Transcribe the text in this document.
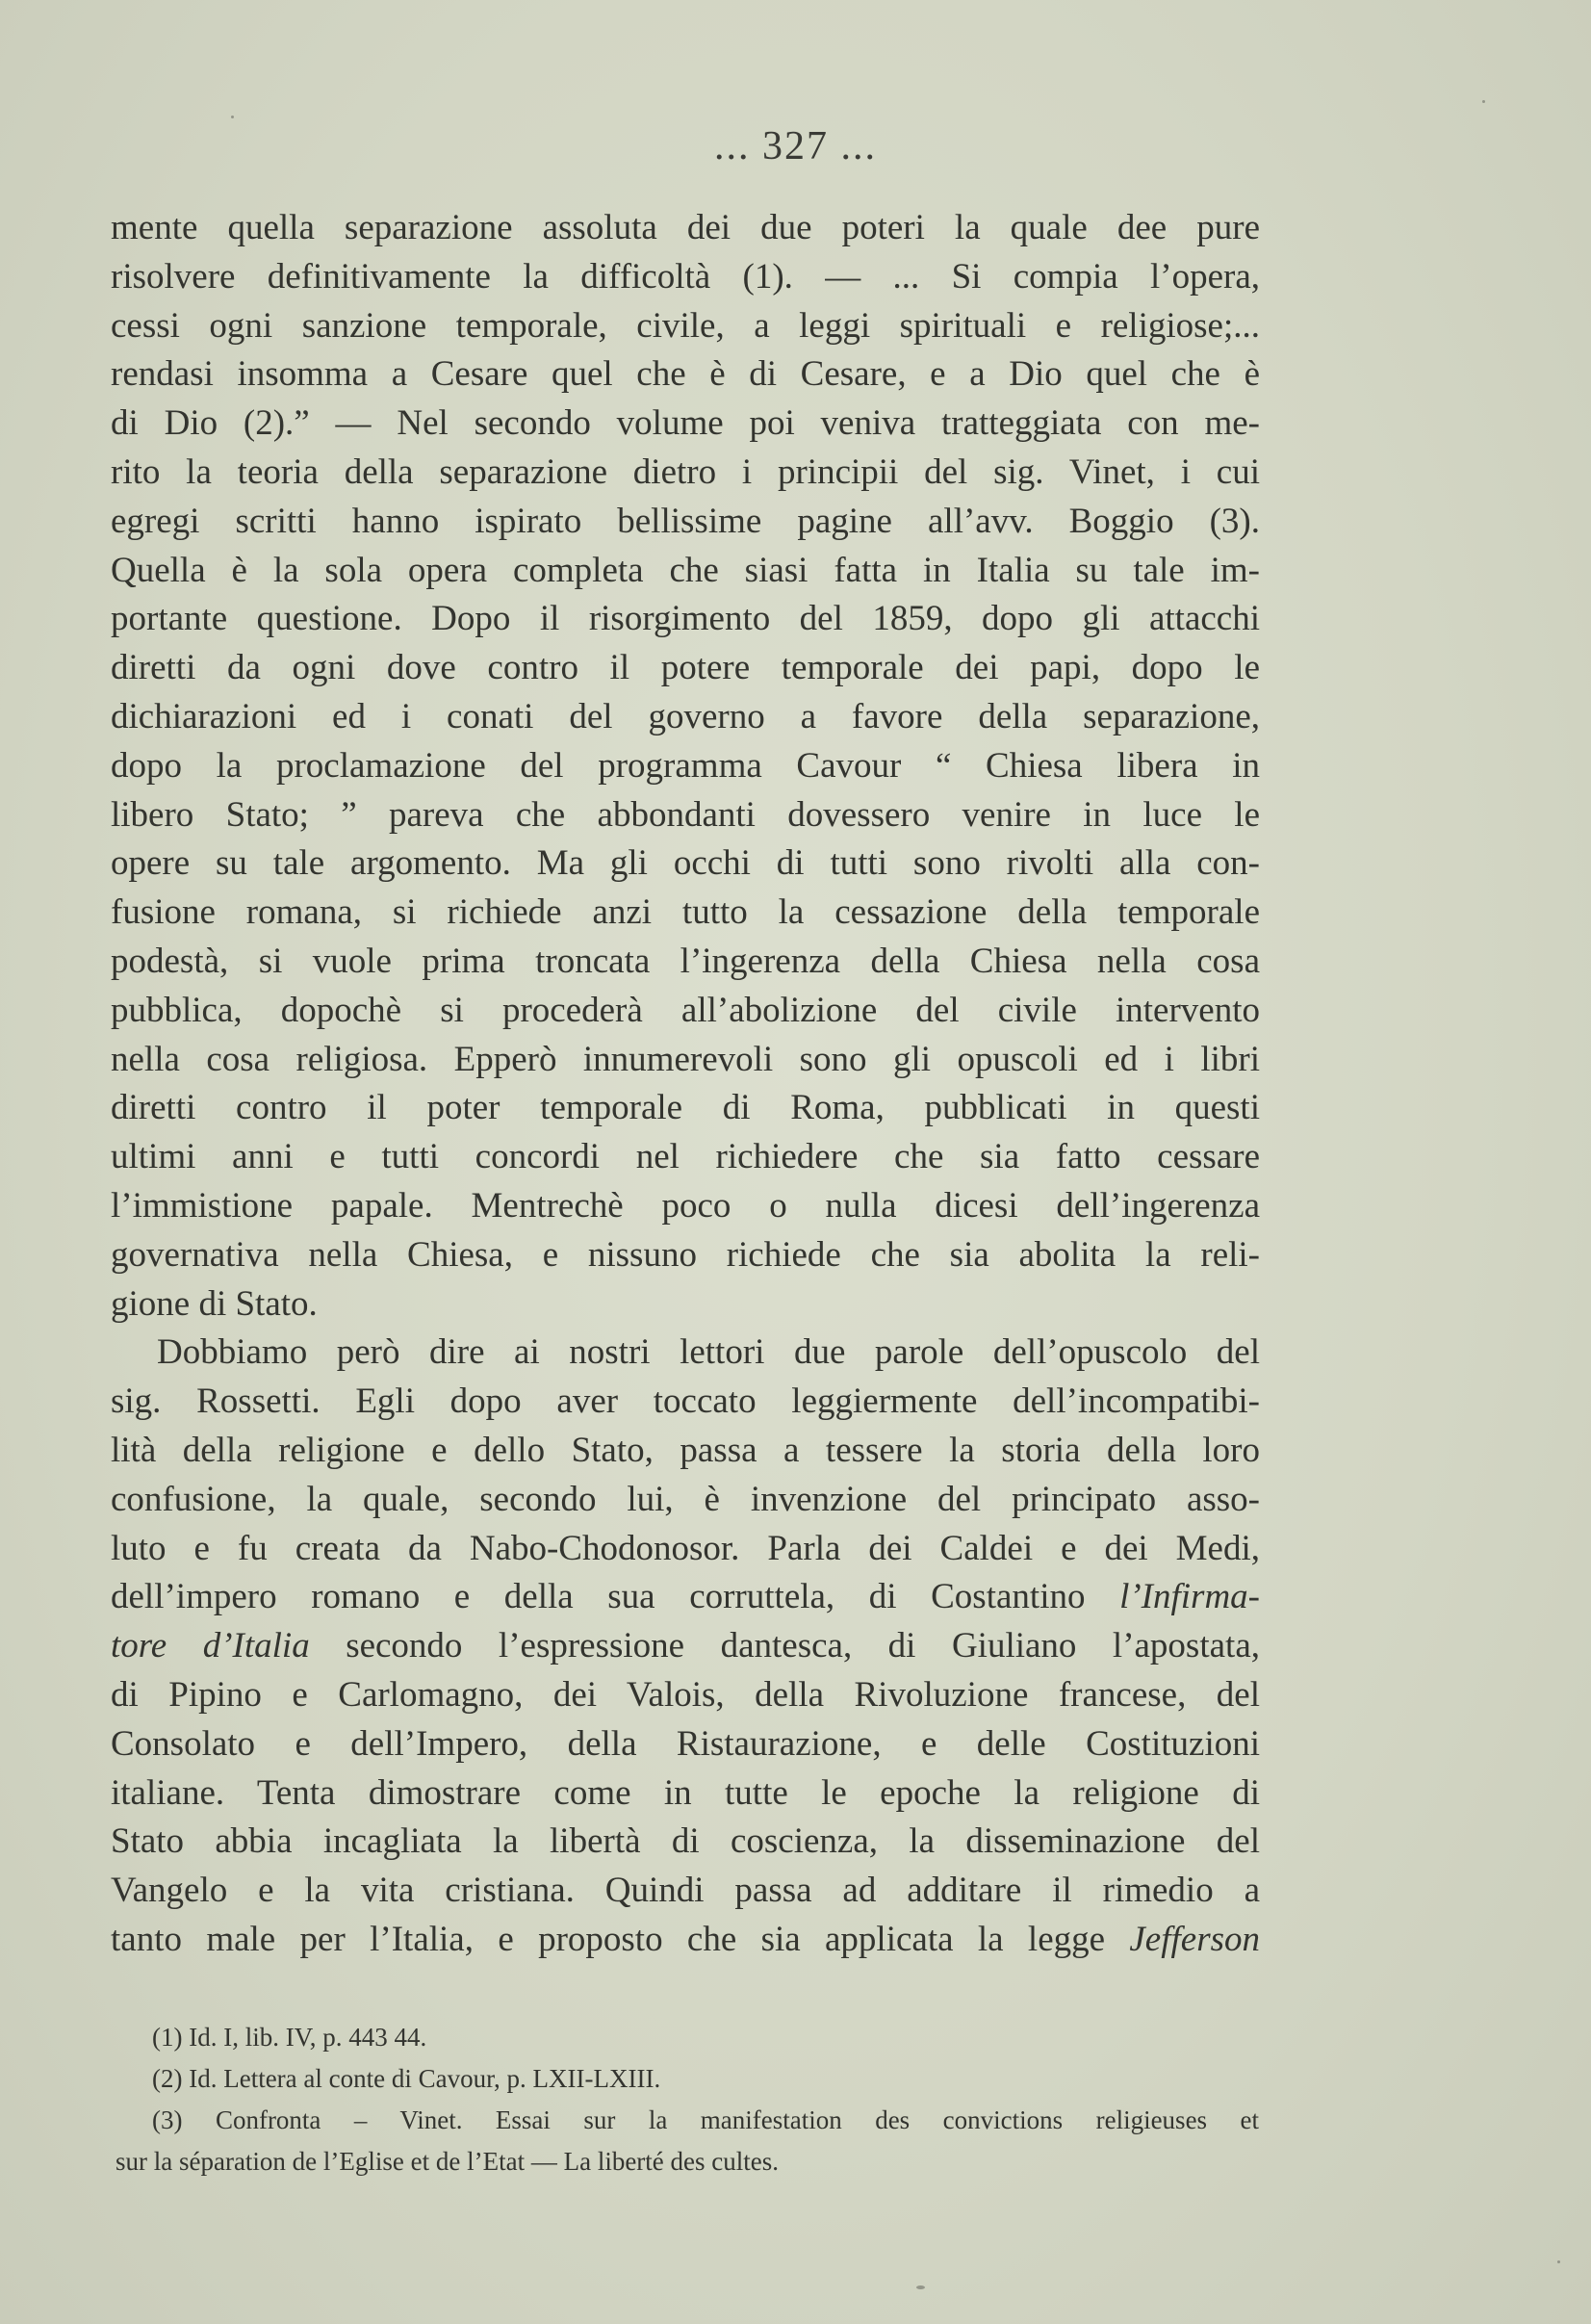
... 327 ...
mente quella separazione assoluta dei due poteri la quale dee pure
risolvere definitivamente la difficoltà (1). — ... Si compia l’opera,
cessi ogni sanzione temporale, civile, a leggi spirituali e religiose;...
rendasi insomma a Cesare quel che è di Cesare, e a Dio quel che è
di Dio (2).” — Nel secondo volume poi veniva tratteggiata con me-
rito la teoria della separazione dietro i principii del sig. Vinet, i cui
egregi scritti hanno ispirato bellissime pagine all’avv. Boggio (3).
Quella è la sola opera completa che siasi fatta in Italia su tale im-
portante questione. Dopo il risorgimento del 1859, dopo gli attacchi
diretti da ogni dove contro il potere temporale dei papi, dopo le
dichiarazioni ed i conati del governo a favore della separazione,
dopo la proclamazione del programma Cavour “ Chiesa libera in
libero Stato; ” pareva che abbondanti dovessero venire in luce le
opere su tale argomento. Ma gli occhi di tutti sono rivolti alla con-
fusione romana, si richiede anzi tutto la cessazione della temporale
podestà, si vuole prima troncata l’ingerenza della Chiesa nella cosa
pubblica, dopochè si procederà all’abolizione del civile intervento
nella cosa religiosa. Epperò innumerevoli sono gli opuscoli ed i libri
diretti contro il poter temporale di Roma, pubblicati in questi
ultimi anni e tutti concordi nel richiedere che sia fatto cessare
l’immistione papale. Mentrechè poco o nulla dicesi dell’ingerenza
governativa nella Chiesa, e nissuno richiede che sia abolita la reli-
gione di Stato.
Dobbiamo però dire ai nostri lettori due parole dell’opuscolo del
sig. Rossetti. Egli dopo aver toccato leggiermente dell’incompatibi-
lità della religione e dello Stato, passa a tessere la storia della loro
confusione, la quale, secondo lui, è invenzione del principato asso-
luto e fu creata da Nabo-Chodonosor. Parla dei Caldei e dei Medi,
dell’impero romano e della sua corruttela, di Costantino l’Infirma-
tore d’Italia secondo l’espressione dantesca, di Giuliano l’apostata,
di Pipino e Carlomagno, dei Valois, della Rivoluzione francese, del
Consolato e dell’Impero, della Ristaurazione, e delle Costituzioni
italiane. Tenta dimostrare come in tutte le epoche la religione di
Stato abbia incagliata la libertà di coscienza, la disseminazione del
Vangelo e la vita cristiana. Quindi passa ad additare il rimedio a
tanto male per l’Italia, e proposto che sia applicata la legge Jefferson
(1) Id. I, lib. IV, p. 443 44.
(2) Id. Lettera al conte di Cavour, p. LXII-LXIII.
(3) Confronta – Vinet. Essai sur la manifestation des convictions religieuses et
sur la séparation de l’Eglise et de l’Etat — La liberté des cultes.
